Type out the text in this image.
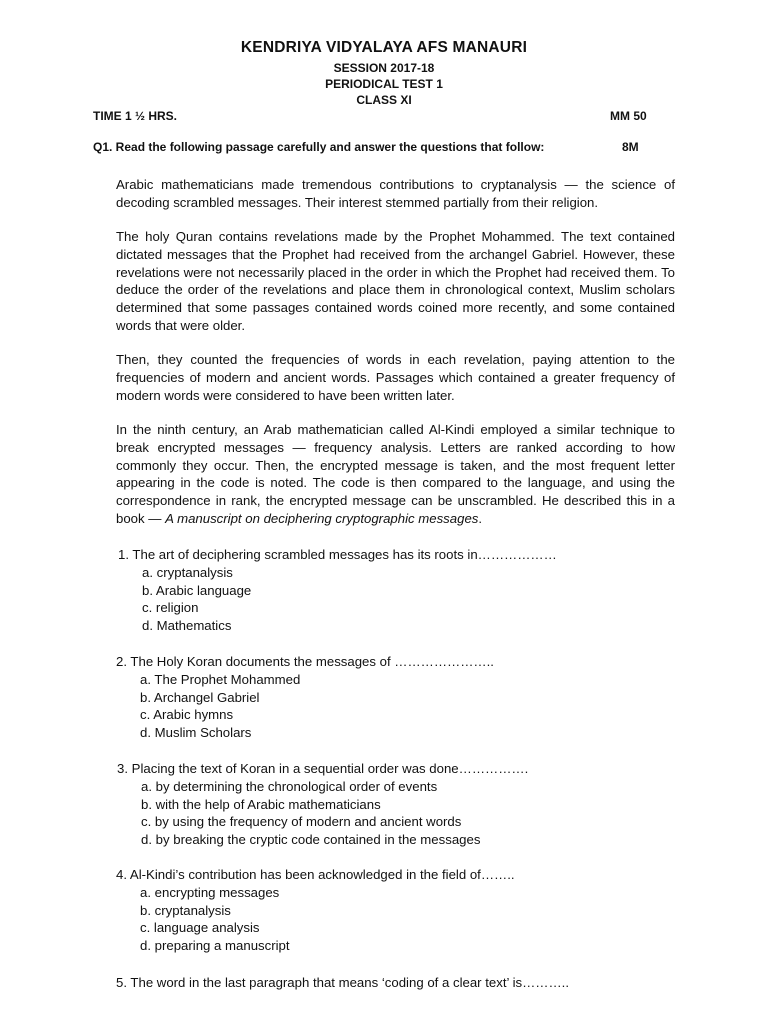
KENDRIYA VIDYALAYA AFS MANAURI
SESSION 2017-18
PERIODICAL TEST 1
CLASS XI
TIME 1 ½ HRS.	MM 50
Q1. Read the following passage carefully and answer the questions that follow:	8M
Arabic mathematicians made tremendous contributions to cryptanalysis — the science of decoding scrambled messages. Their interest stemmed partially from their religion.
The holy Quran contains revelations made by the Prophet Mohammed. The text contained dictated messages that the Prophet had received from the archangel Gabriel. However, these revelations were not necessarily placed in the order in which the Prophet had received them. To deduce the order of the revelations and place them in chronological context, Muslim scholars determined that some passages contained words coined more recently, and some contained words that were older.
Then, they counted the frequencies of words in each revelation, paying attention to the frequencies of modern and ancient words. Passages which contained a greater frequency of modern words were considered to have been written later.
In the ninth century, an Arab mathematician called Al-Kindi employed a similar technique to break encrypted messages — frequency analysis. Letters are ranked according to how commonly they occur. Then, the encrypted message is taken, and the most frequent letter appearing in the code is noted. The code is then compared to the language, and using the correspondence in rank, the encrypted message can be unscrambled. He described this in a book — A manuscript on deciphering cryptographic messages.
1. The art of deciphering scrambled messages has its roots in………………
a. cryptanalysis
b. Arabic language
c. religion
d. Mathematics
2. The Holy Koran documents the messages of …………………..
a. The Prophet Mohammed
b. Archangel Gabriel
c. Arabic hymns
d. Muslim Scholars
3. Placing the text of Koran in a sequential order was done…………….
a. by determining the chronological order of events
b. with the help of Arabic mathematicians
c. by using the frequency of modern and ancient words
d. by breaking the cryptic code contained in the messages
4. Al-Kindi’s contribution has been acknowledged in the field of……..
a. encrypting messages
b. cryptanalysis
c. language analysis
d. preparing a manuscript
5. The word in the last paragraph that means ‘coding of a clear text’ is………..
